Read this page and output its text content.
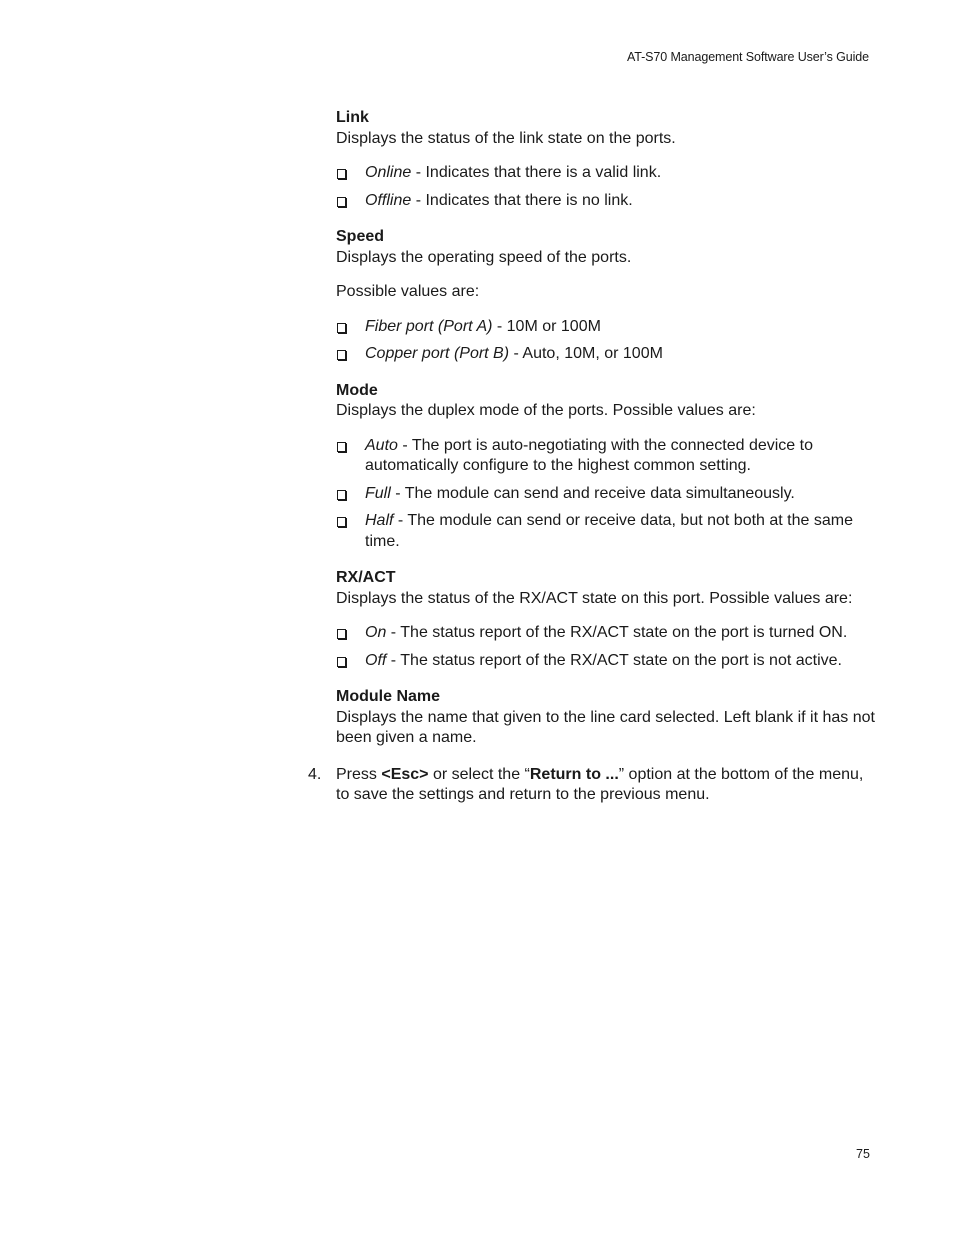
AT-S70 Management Software User’s Guide
Link

Displays the status of the link state on the ports.

Online - Indicates that there is a valid link.
Offline - Indicates that there is no link.
Speed

Displays the operating speed of the ports.

Possible values are:

Fiber port (Port A) - 10M or 100M
Copper port (Port B) - Auto, 10M, or 100M
Mode

Displays the duplex mode of the ports. Possible values are:

Auto - The port is auto-negotiating with the connected device to automatically configure to the highest common setting.
Full - The module can send and receive data simultaneously.
Half - The module can send or receive data, but not both at the same time.
RX/ACT

Displays the status of the RX/ACT state on this port. Possible values are:

On - The status report of the RX/ACT state on the port is turned ON.
Off - The status report of the RX/ACT state on the port is not active.
Module Name

Displays the name that given to the line card selected. Left blank if it has not been given a name.

4. Press <Esc> or select the “Return to ...” option at the bottom of the menu, to save the settings and return to the previous menu.
75
